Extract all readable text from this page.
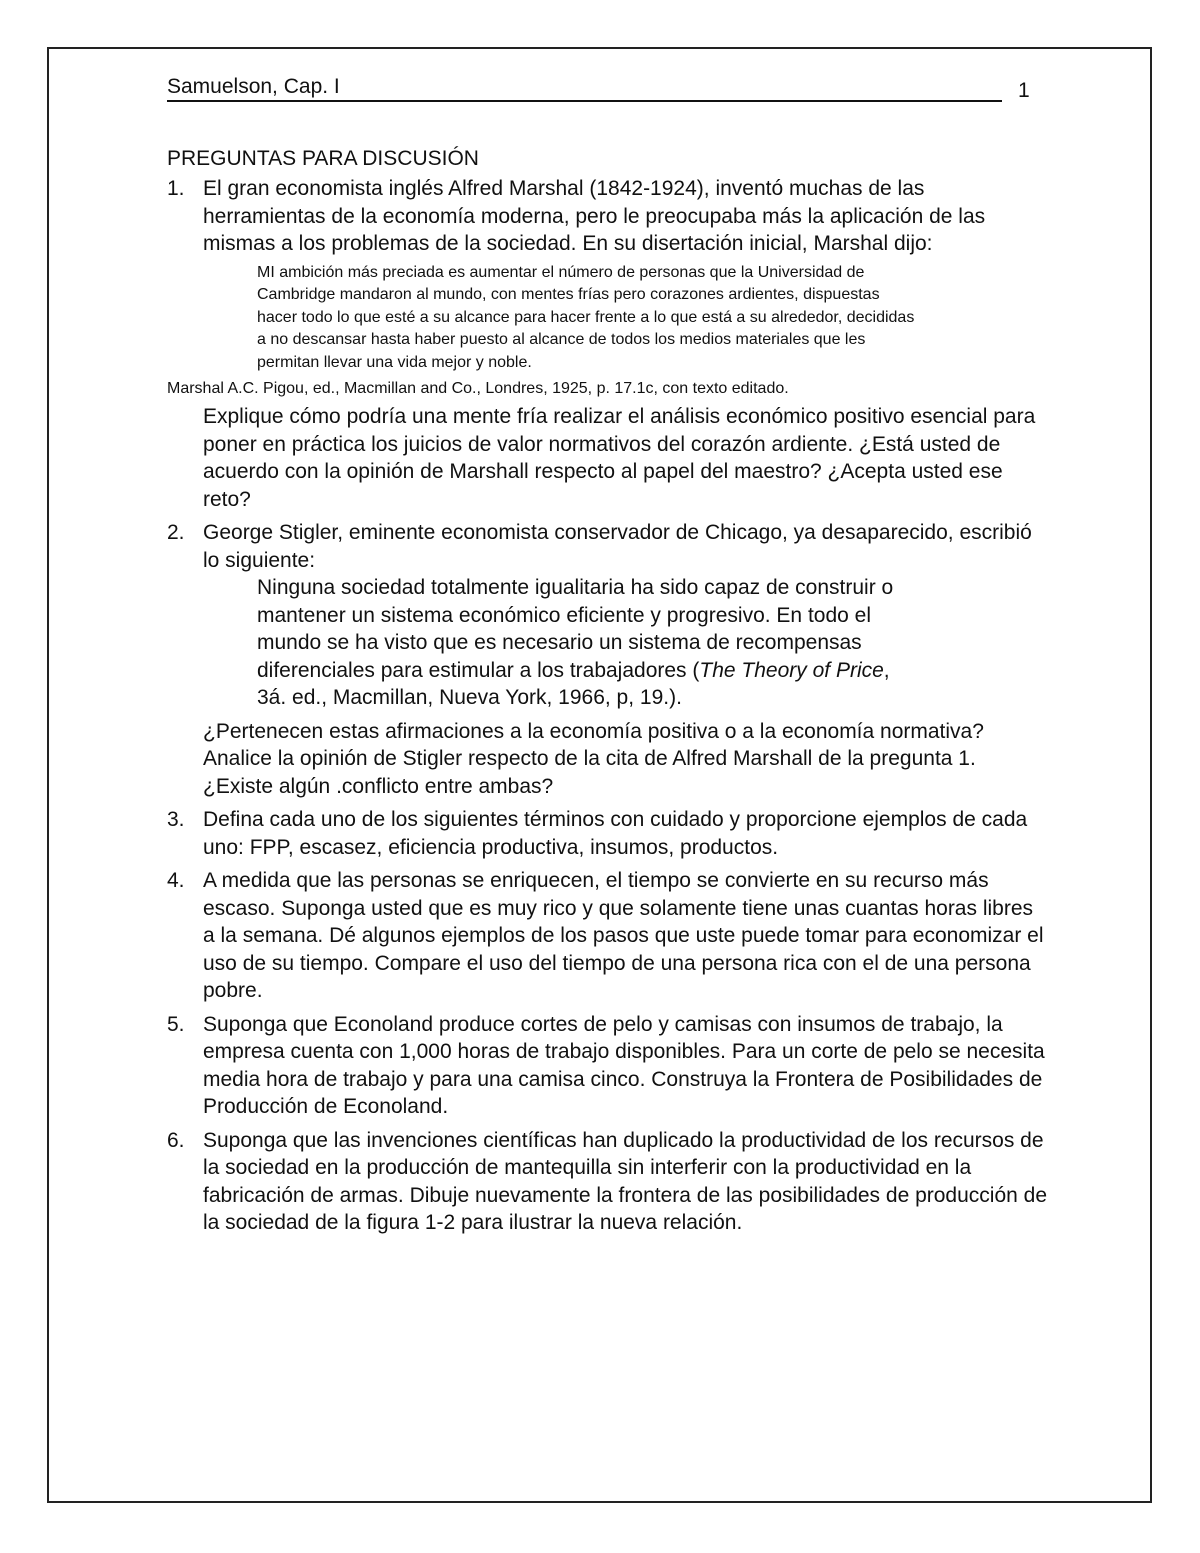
Samuelson, Cap. I	1
PREGUNTAS PARA DISCUSIÓN
1. El gran economista inglés Alfred Marshal (1842-1924), inventó muchas de las herramientas de la economía moderna, pero le preocupaba más la aplicación de las mismas a los problemas de la sociedad. En su disertación inicial, Marshal dijo:

MI ambición más preciada es aumentar el número de personas que la Universidad de Cambridge mandaron al mundo, con mentes frías pero corazones ardientes, dispuestas hacer todo lo que esté a su alcance para hacer frente a lo que está a su alrededor, decididas a no descansar hasta haber puesto al alcance de todos los medios materiales que les permitan llevar una vida mejor y noble.

Marshal A.C. Pigou, ed., Macmillan and Co., Londres, 1925, p. 17.1c, con texto editado.

Explique cómo podría una mente fría realizar el análisis económico positivo esencial para poner en práctica los juicios de valor normativos del corazón ardiente. ¿Está usted de acuerdo con la opinión de Marshall respecto al papel del maestro? ¿Acepta usted ese reto?

2. George Stigler, eminente economista conservador de Chicago, ya desaparecido, escribió lo siguiente:

Ninguna sociedad totalmente igualitaria ha sido capaz de construir o mantener un sistema económico eficiente y progresivo. En todo el mundo se ha visto que es necesario un sistema de recompensas diferenciales para estimular a los trabajadores (The Theory of Price, 3á. ed., Macmillan, Nueva York, 1966, p, 19.).

¿Pertenecen estas afirmaciones a la economía positiva o a la economía normativa? Analice la opinión de Stigler respecto de la cita de Alfred Marshall de la pregunta 1. ¿Existe algún .conflicto entre ambas?

3. Defina cada uno de los siguientes términos con cuidado y proporcione ejemplos de cada uno: FPP, escasez, eficiencia productiva, insumos, productos.

4. A medida que las personas se enriquecen, el tiempo se convierte en su recurso más escaso. Suponga usted que es muy rico y que solamente tiene unas cuantas horas libres a la semana. Dé algunos ejemplos de los pasos que uste puede tomar para economizar el uso de su tiempo. Compare el uso del tiempo de una persona rica con el de una persona pobre.

5. Suponga que Econoland produce cortes de pelo y camisas con insumos de trabajo, la empresa cuenta con 1,000 horas de trabajo disponibles. Para un corte de pelo se necesita media hora de trabajo y para una camisa cinco. Construya la Frontera de Posibilidades de Producción de Econoland.

6. Suponga que las invenciones científicas han duplicado la productividad de los recursos de la sociedad en la producción de mantequilla sin interferir con la productividad en la fabricación de armas. Dibuje nuevamente la frontera de las posibilidades de producción de la sociedad de la figura 1-2 para ilustrar la nueva relación.
